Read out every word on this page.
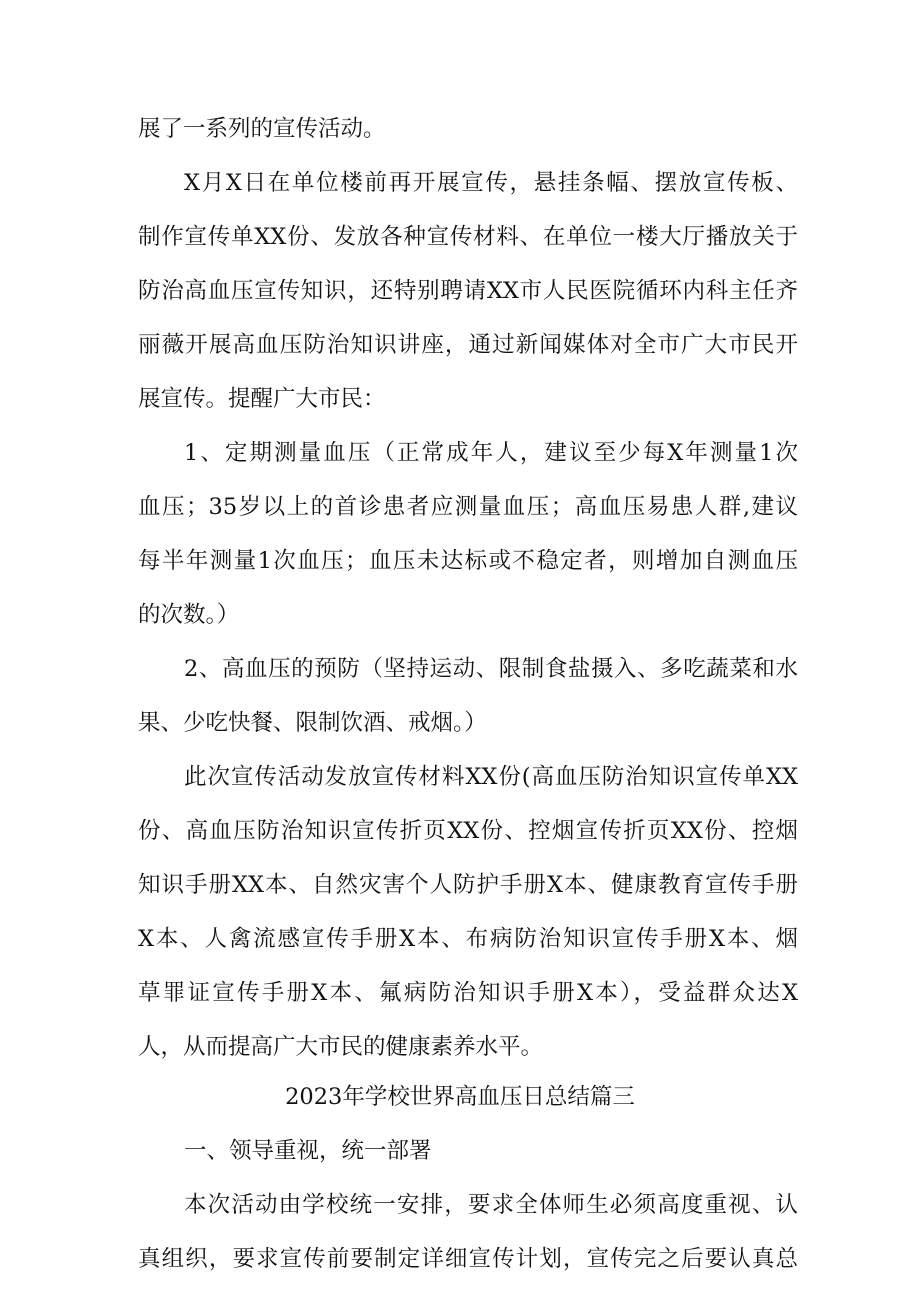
展了一系列的宣传活动。
X月X日在单位楼前再开展宣传，悬挂条幅、摆放宣传板、
制作宣传单XX份、发放各种宣传材料、在单位一楼大厅播放关于
防治高血压宣传知识，还特别聘请XX市人民医院循环内科主任齐
丽薇开展高血压防治知识讲座，通过新闻媒体对全市广大市民开
展宣传。提醒广大市民：
1、定期测量血压（正常成年人，建议至少每X年测量1次
血压；35岁以上的首诊患者应测量血压；高血压易患人群,建议
每半年测量1次血压；血压未达标或不稳定者，则增加自测血压
的次数。）
2、高血压的预防（坚持运动、限制食盐摄入、多吃蔬菜和水
果、少吃快餐、限制饮酒、戒烟。）
此次宣传活动发放宣传材料XX份(高血压防治知识宣传单XX
份、高血压防治知识宣传折页XX份、控烟宣传折页XX份、控烟
知识手册XX本、自然灾害个人防护手册X本、健康教育宣传手册
X本、人禽流感宣传手册X本、布病防治知识宣传手册X本、烟
草罪证宣传手册X本、氟病防治知识手册X本），受益群众达X
人，从而提高广大市民的健康素养水平。
2023年学校世界高血压日总结篇三
一、领导重视，统一部署
本次活动由学校统一安排，要求全体师生必须高度重视、认
真组织，要求宣传前要制定详细宣传计划，宣传完之后要认真总
